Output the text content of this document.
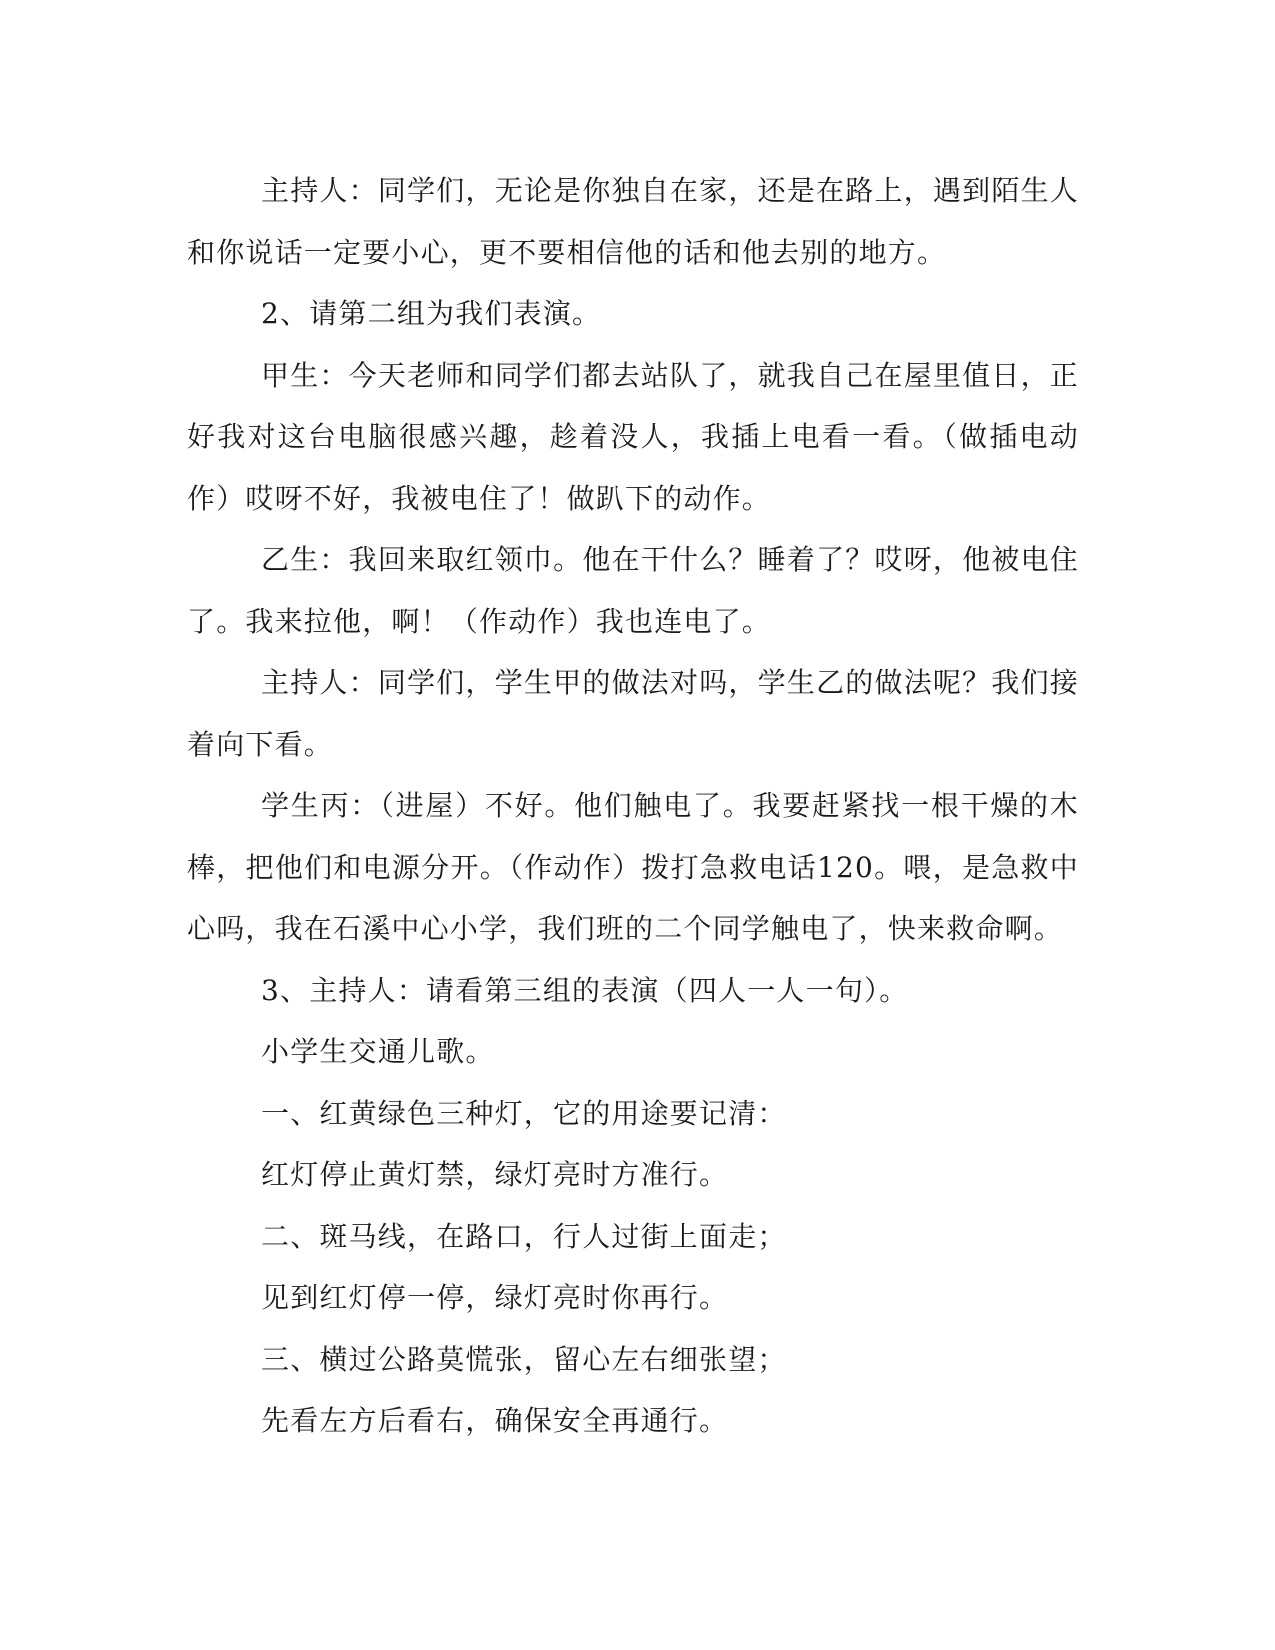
主持人：同学们，无论是你独自在家，还是在路上，遇到陌生人和你说话一定要小心，更不要相信他的话和他去别的地方。

2、请第二组为我们表演。

甲生：今天老师和同学们都去站队了，就我自己在屋里值日，正好我对这台电脑很感兴趣，趁着没人，我插上电看一看。（做插电动作）哎呀不好，我被电住了！做趴下的动作。

乙生：我回来取红领巾。他在干什么？睡着了？哎呀，他被电住了。我来拉他，啊！（作动作）我也连电了。

主持人：同学们，学生甲的做法对吗，学生乙的做法呢？我们接着向下看。

学生丙：（进屋）不好。他们触电了。我要赶紧找一根干燥的木棒，把他们和电源分开。（作动作）拨打急救电话120。喂，是急救中心吗，我在石溪中心小学，我们班的二个同学触电了，快来救命啊。

3、主持人：请看第三组的表演（四人一人一句）。

小学生交通儿歌。

一、红黄绿色三种灯，它的用途要记清：

红灯停止黄灯禁，绿灯亮时方准行。

二、斑马线，在路口，行人过街上面走；

见到红灯停一停，绿灯亮时你再行。

三、横过公路莫慌张，留心左右细张望；

先看左方后看右，确保安全再通行。
